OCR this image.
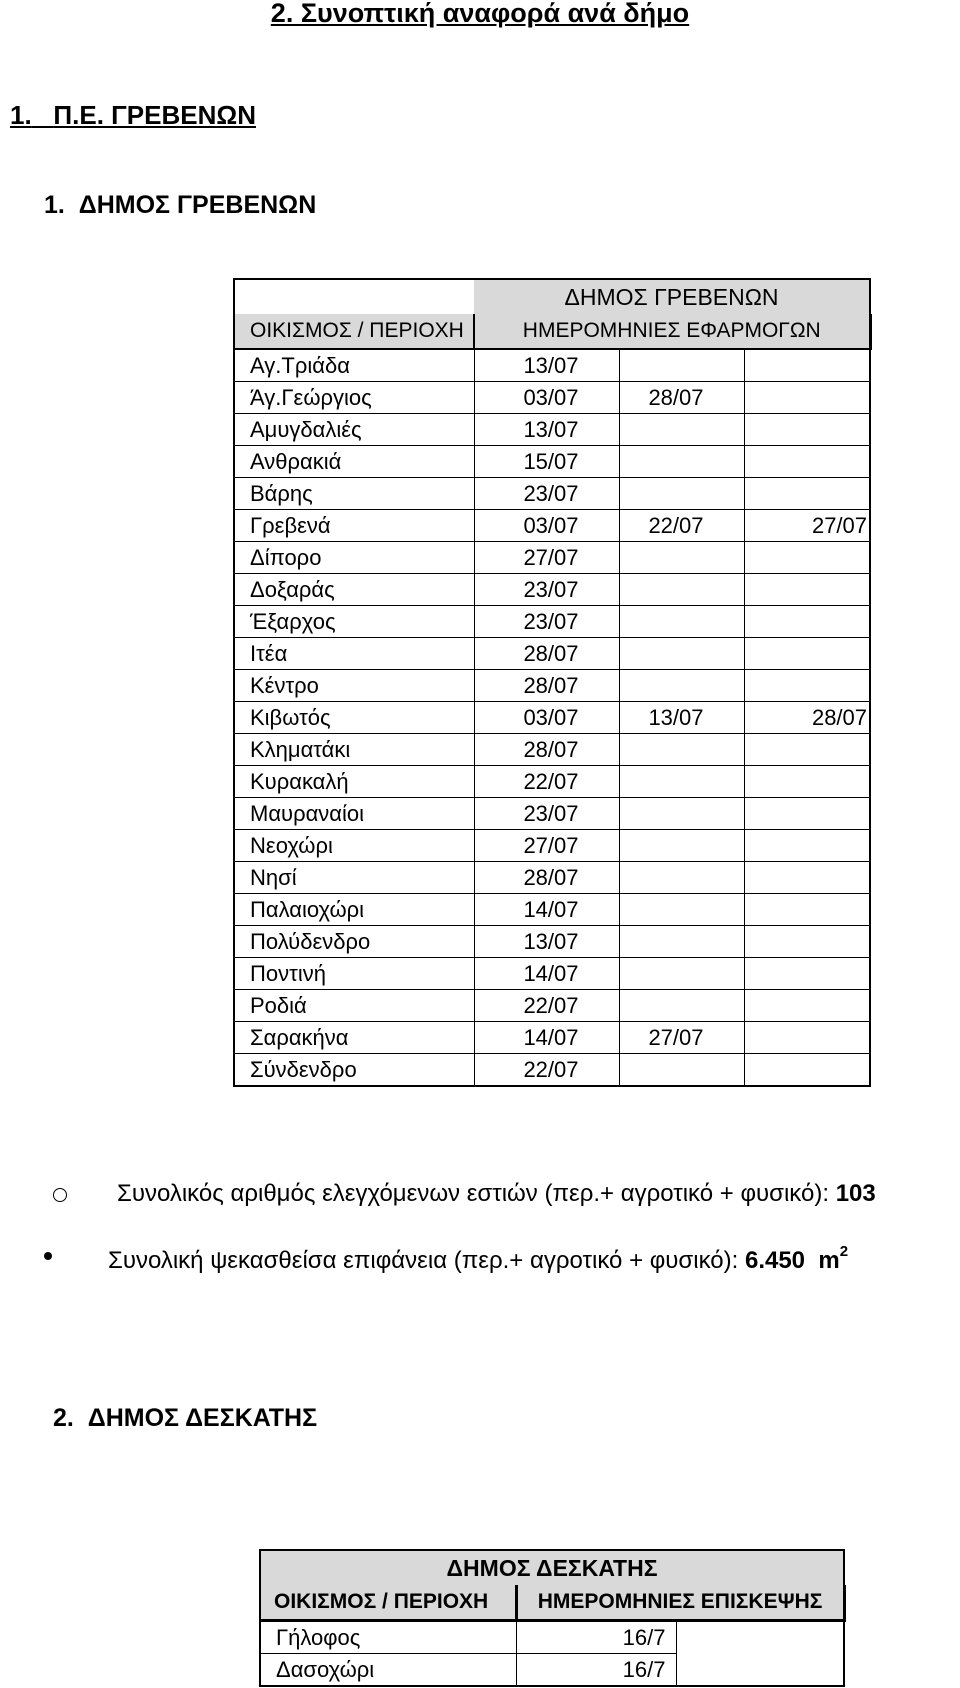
2. Συνοπτική αναφορά ανά δήμο
1. Π.Ε. ΓΡΕΒΕΝΩΝ
1. ΔΗΜΟΣ ΓΡΕΒΕΝΩΝ
	ΔΗΜΟΣ ΓΡΕΒΕΝΩΝ		
ΟΙΚΙΣΜΟΣ / ΠΕΡΙΟΧΗ	ΗΜΕΡΟΜΗΝΙΕΣ ΕΦΑΡΜΟΓΩΝ		
Αγ.Τριάδα	13/07		
Άγ.Γεώργιος	03/07	28/07	
Αμυγδαλιές	13/07		
Ανθρακιά	15/07		
Βάρης	23/07		
Γρεβενά	03/07	22/07	27/07
Δίπορο	27/07		
Δοξαράς	23/07		
Έξαρχος	23/07		
Ιτέα	28/07		
Κέντρο	28/07		
Κιβωτός	03/07	13/07	28/07
Κληματάκι	28/07		
Κυρακαλή	22/07		
Μαυραναίοι	23/07		
Νεοχώρι	27/07		
Νησί	28/07		
Παλαιοχώρι	14/07		
Πολύδενδρο	13/07		
Ποντινή	14/07		
Ροδιά	22/07		
Σαρακήνα	14/07	27/07	
Σύνδενδρο	22/07		
Συνολικός αριθμός ελεγχόμενων εστιών (περ.+ αγροτικό + φυσικό): 103
Συνολική ψεκασθείσα επιφάνεια (περ.+ αγροτικό + φυσικό): 6.450 $m^2$
2. ΔΗΜΟΣ ΔΕΣΚΑΤΗΣ
ΔΗΜΟΣ ΔΕΣΚΑΤΗΣ		
ΟΙΚΙΣΜΟΣ / ΠΕΡΙΟΧΗ	ΗΜΕΡΟΜΗΝΙΕΣ ΕΠΙΣΚΕΨΗΣ	
Γήλοφος	16/7	
Δασοχώρι	16/7	
